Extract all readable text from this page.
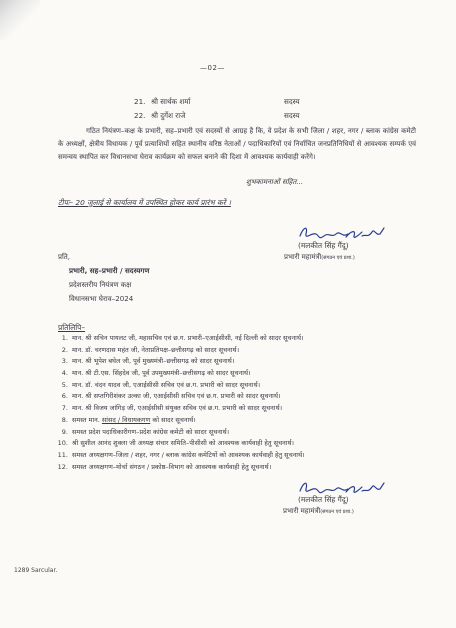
—02—
21. श्री सार्थक शर्मा	सदस्य
22. श्री दुर्गेश राजे	सदस्य
गठित नियंत्रण–कक्ष के प्रभारी, सह–प्रभारी एवं सदस्यों से आग्रह है कि, वे प्रदेश के सभी जिला / शहर, नगर / ब्लाक कांग्रेस कमेटी के अध्यक्षों, क्षेत्रीय विधायक / पूर्व प्रत्याशियों सहित स्थानीय वरिष्ठ नेताओं / पदाधिकारियों एवं निर्वाचित जनप्रतिनिधियों से आवश्यक सम्पर्क एवं समन्वय स्थापित कर विधानसभा घेराव कार्यक्रम को सफल बनाने की दिशा में आवश्यक कार्यवाही करेंगे।
शुभकामनाओं सहित...
टीपः– 20 जुलाई से कार्यालय में उपस्थित होकर कार्य प्रारंभ करें ।
(मलकीत सिंह गैंदू)
प्रभारी महामंत्री(संगठन एवं प्रशा.)
प्रति,
प्रभारी, सह–प्रभारी / सदस्यगण
प्रदेशस्तरीय नियंत्रण कक्ष
विधानसभा घेराव–2024
प्रतिलिपि–
1. मान. श्री सचिन पायलट जी, महासचिव एवं छ.ग. प्रभारी–एआईसीसी, नई दिल्ली को सादर सूचनार्थ।
2. मान. डॉ. चरणदास महंत जी, नेताप्रतिपक्ष–छत्तीसगढ़ को सादर सूचनार्थ।
3. मान. श्री भूपेश बघेल जी, पूर्व मुख्यमंत्री–छत्तीसगढ़ को सादर सूचनार्थ।
4. मान. श्री टी.एस. सिंहदेव जी, पूर्व उपमुख्यमंत्री–छत्तीसगढ़ को सादर सूचनार्थ।
5. मान. डॉ. चंदन यादव जी, एआईसीसी सचिव एवं छ.ग. प्रभारी को सादर सूचनार्थ।
6. मान. श्री सप्तगिरीशंकर उल्का जी, एआईसीसी सचिव एवं छ.ग. प्रभारी को सादर सूचनार्थ।
7. मान. श्री विजय जांगिड़ जी, एआईसीसी संयुक्त सचिव एवं छ.ग. प्रभारी को सादर सूचनार्थ।
8. समस्त मान. सांसद / विधायकगण को सादर सूचनार्थ।
9. समस्त प्रदेश पदाधिकारीगण–प्रदेश कांग्रेस कमेटी को सादर सूचनार्थ।
10. श्री सुशील आनंद शुक्ला जी अध्यक्ष संचार समिति–पीसीसी को आवश्यक कार्यवाही हेतु सूचनार्थ।
11. समस्त अध्यक्षगण–जिला / शहर, नगर / ब्लाक कांग्रेस कमेटियों को आवश्यक कार्यवाही हेतु सूचनार्थ।
12. समस्त अध्यक्षगण–मोर्चा संगठन / प्रकोष्ठ–विभाग को आवश्यक कार्यवाही हेतु सूचनार्थ।
(मलकीत सिंह गैंदू)
प्रभारी महामंत्री(संगठन एवं प्रशा.)
1289 Sarcular.
